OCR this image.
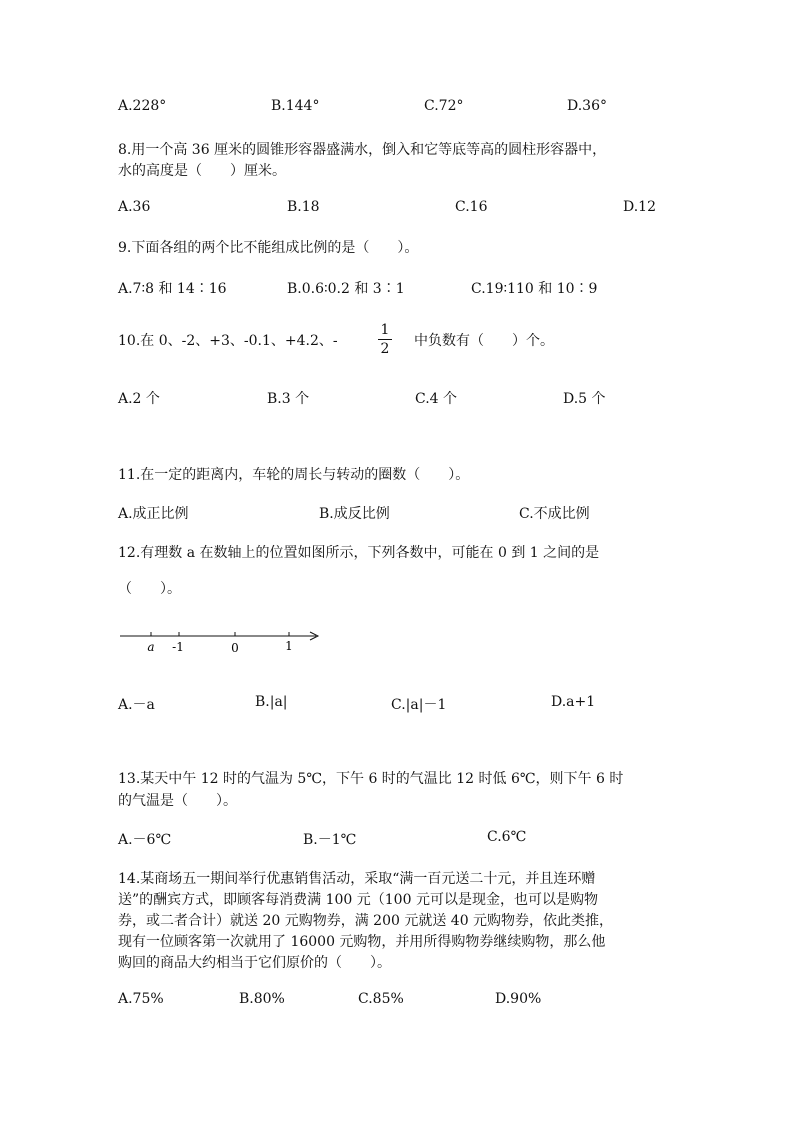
A.228°	B.144°	C.72°	D.36°
8.用一个高 36 厘米的圆锥形容器盛满水，倒入和它等底等高的圆柱形容器中，
水的高度是（　　）厘米。
A.36	B.18	C.16	D.12
9.下面各组的两个比不能组成比例的是（　　）。
A.7∶8 和 14∶16	B.0.6∶0.2 和 3∶1	C.19∶110 和 10∶9
10.在 0、-2、+3、-0.1、+4.2、-
1
2 中负数有（　　）个。
A.2 个	B.3 个	C.4 个	D.5 个
11.在一定的距离内，车轮的周长与转动的圈数（　　）。
A.成正比例	B.成反比例	C.不成比例
12.有理数 a 在数轴上的位置如图所示，下列各数中，可能在 0 到 1 之间的是
（　　）。
a -1	0	1
A.－a	B.|a|	C.|a|－1	D.a+1
13.某天中午 12 时的气温为 5℃，下午 6 时的气温比 12 时低 6℃，则下午 6 时
的气温是（　　）。
A.－6℃	B.－1℃	C.6℃
14.某商场五一期间举行优惠销售活动，采取“满一百元送二十元，并且连环赠
送”的酬宾方式，即顾客每消费满 100 元（100 元可以是现金，也可以是购物
券，或二者合计）就送 20 元购物券，满 200 元就送 40 元购物券，依此类推，
现有一位顾客第一次就用了 16000 元购物，并用所得购物券继续购物，那么他
购回的商品大约相当于它们原价的（　　）。
A.75%	B.80%	C.85%	D.90%
